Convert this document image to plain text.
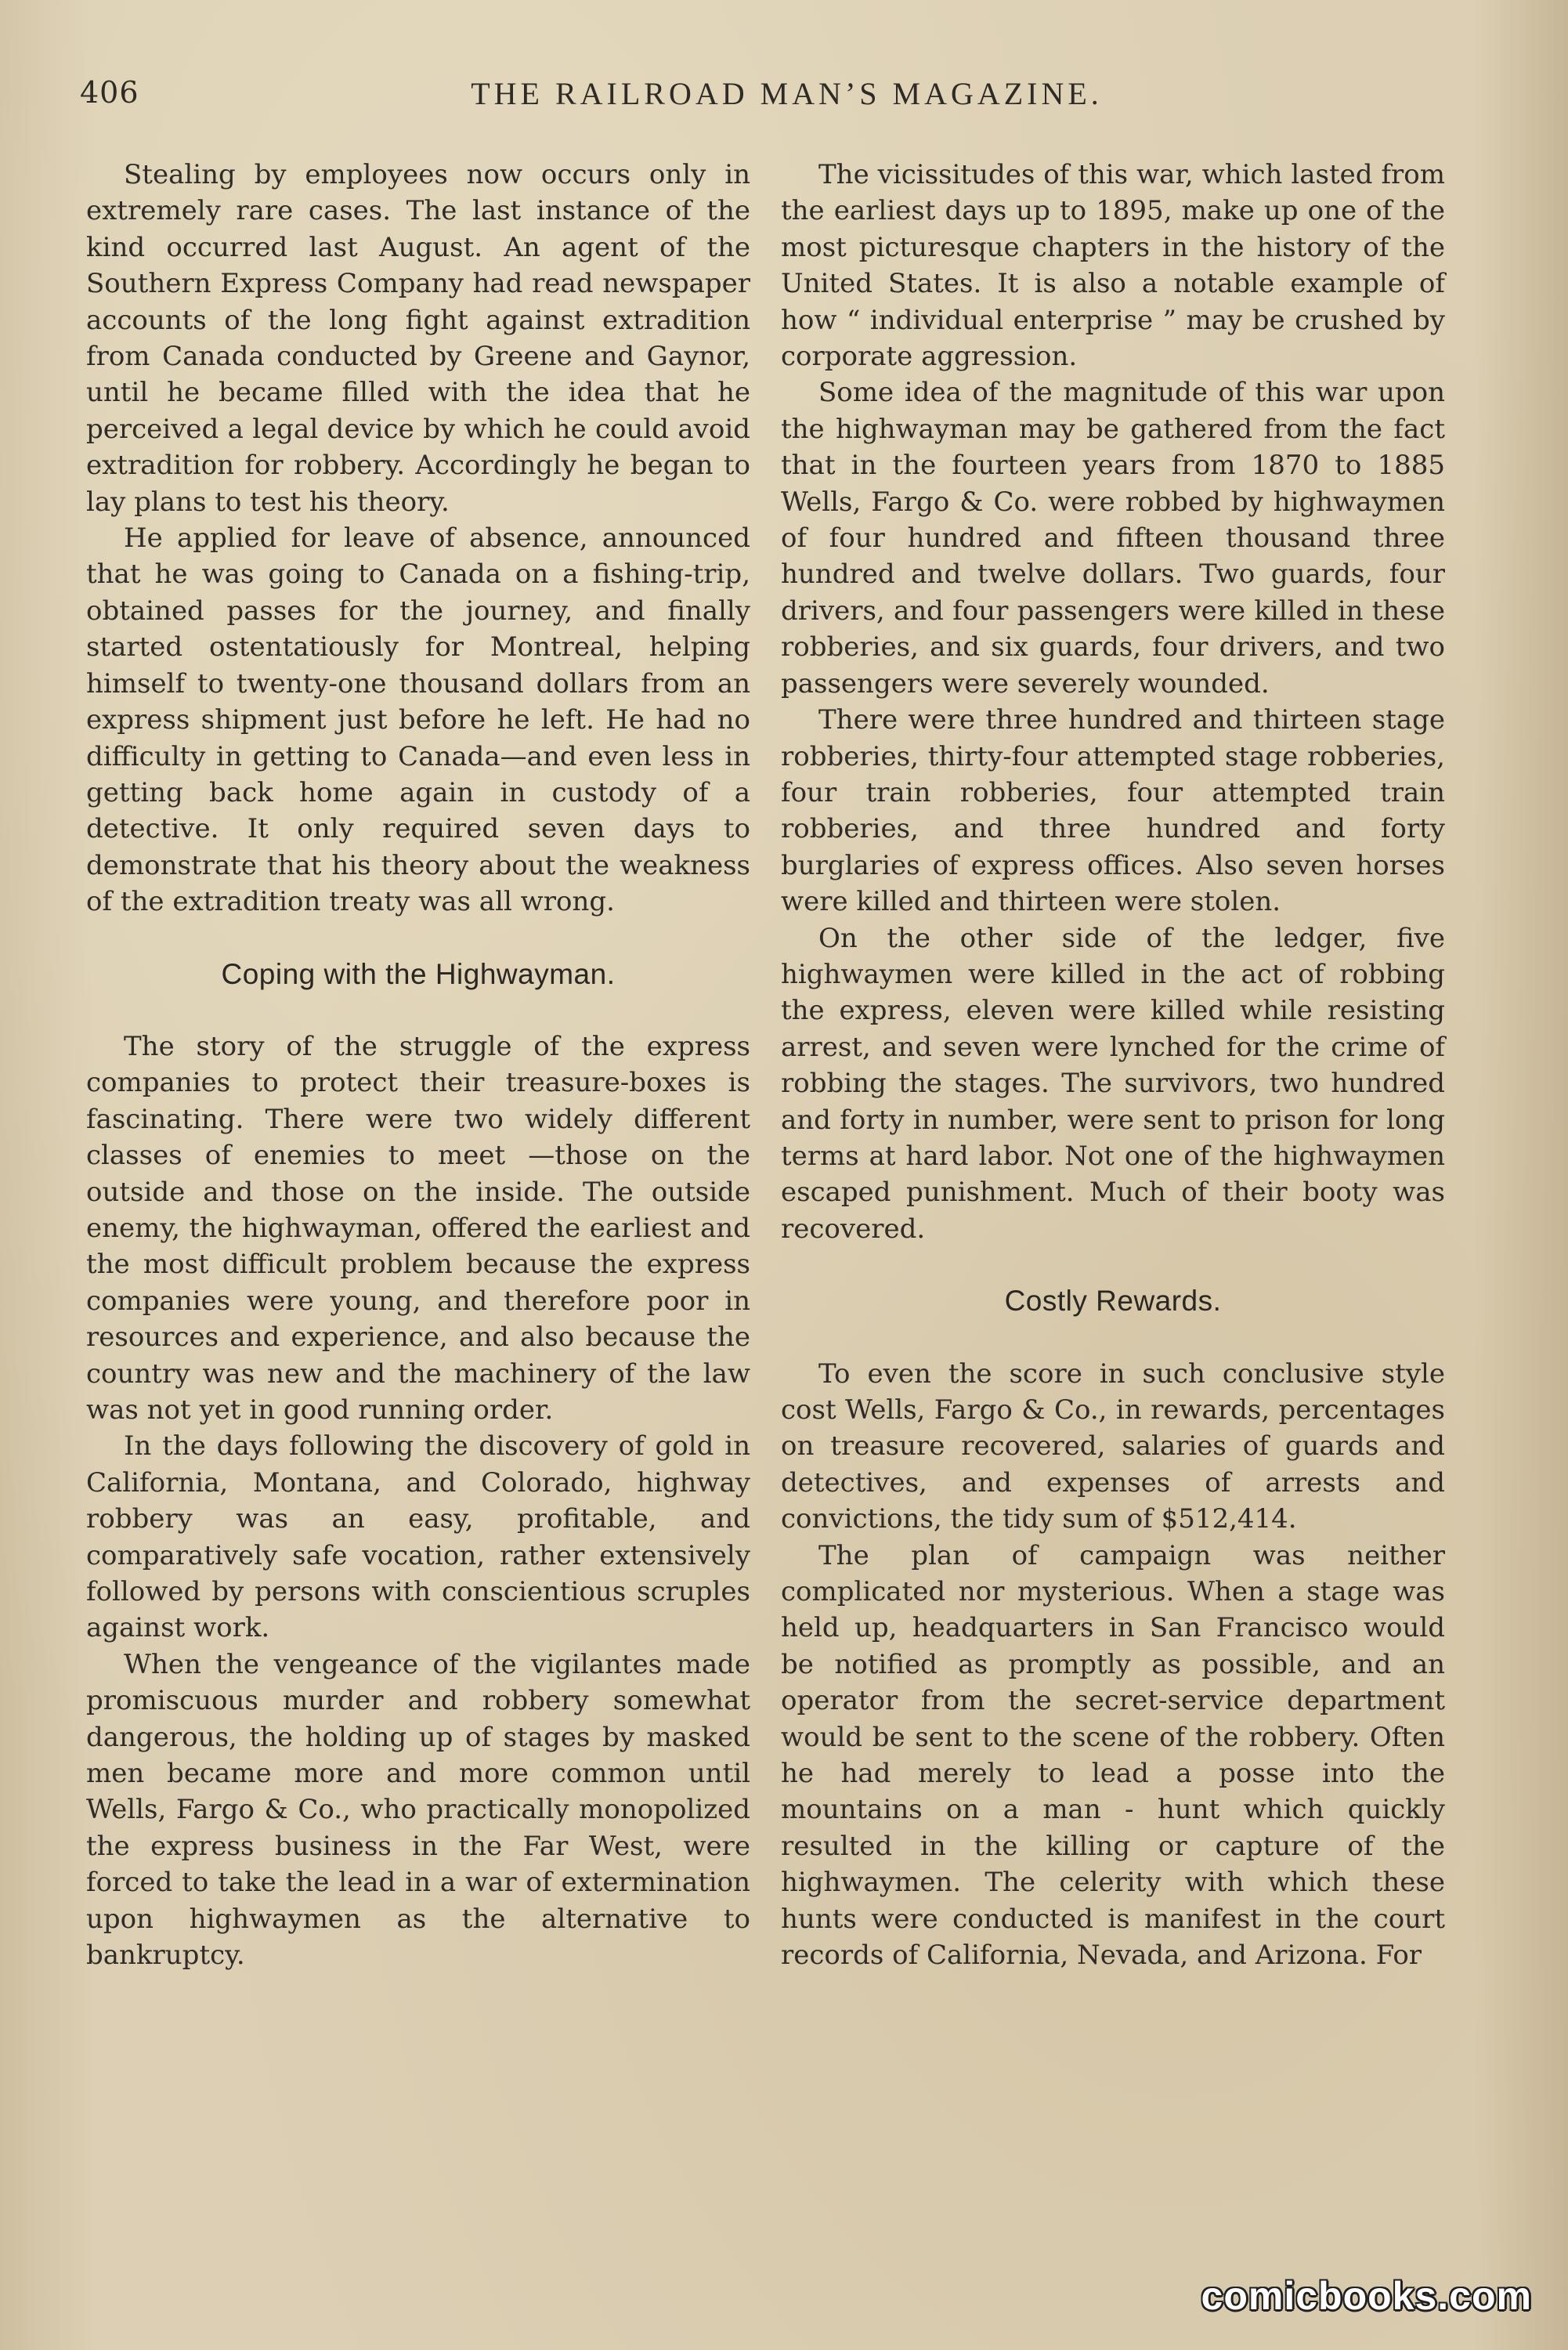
406	THE RAILROAD MAN’S MAGAZINE.

Stealing by employees now occurs only in extremely rare cases. The last instance of the kind occurred last August. An agent of the Southern Express Company had read newspaper accounts of the long fight against extradition from Canada conducted by Greene and Gaynor, until he became filled with the idea that he perceived a legal device by which he could avoid extradition for robbery. Accordingly he began to lay plans to test his theory.

He applied for leave of absence, announced that he was going to Canada on a fishing-trip, obtained passes for the journey, and finally started ostentatiously for Montreal, helping himself to twenty-one thousand dollars from an express shipment just before he left. He had no difficulty in getting to Canada—and even less in getting back home again in custody of a detective. It only required seven days to demonstrate that his theory about the weakness of the extradition treaty was all wrong.

Coping with the Highwayman.

The story of the struggle of the express companies to protect their treasure-boxes is fascinating. There were two widely different classes of enemies to meet —those on the outside and those on the inside. The outside enemy, the highwayman, offered the earliest and the most difficult problem because the express companies were young, and therefore poor in resources and experience, and also because the country was new and the machinery of the law was not yet in good running order.

In the days following the discovery of gold in California, Montana, and Colorado, highway robbery was an easy, profitable, and comparatively safe vocation, rather extensively followed by persons with conscientious scruples against work.

When the vengeance of the vigilantes made promiscuous murder and robbery somewhat dangerous, the holding up of stages by masked men became more and more common until Wells, Fargo & Co., who practically monopolized the express business in the Far West, were forced to take the lead in a war of extermination upon highwaymen as the alternative to bankruptcy.

The vicissitudes of this war, which lasted from the earliest days up to 1895, make up one of the most picturesque chapters in the history of the United States. It is also a notable example of how “ individual enterprise ” may be crushed by corporate aggression.

Some idea of the magnitude of this war upon the highwayman may be gathered from the fact that in the fourteen years from 1870 to 1885 Wells, Fargo & Co. were robbed by highwaymen of four hundred and fifteen thousand three hundred and twelve dollars. Two guards, four drivers, and four passengers were killed in these robberies, and six guards, four drivers, and two passengers were severely wounded.

There were three hundred and thirteen stage robberies, thirty-four attempted stage robberies, four train robberies, four attempted train robberies, and three hundred and forty burglaries of express offices. Also seven horses were killed and thirteen were stolen.

On the other side of the ledger, five highwaymen were killed in the act of robbing the express, eleven were killed while resisting arrest, and seven were lynched for the crime of robbing the stages. The survivors, two hundred and forty in number, were sent to prison for long terms at hard labor. Not one of the highwaymen escaped punishment. Much of their booty was recovered.

Costly Rewards.

To even the score in such conclusive style cost Wells, Fargo & Co., in rewards, percentages on treasure recovered, salaries of guards and detectives, and expenses of arrests and convictions, the tidy sum of $512,414.

The plan of campaign was neither complicated nor mysterious. When a stage was held up, headquarters in San Francisco would be notified as promptly as possible, and an operator from the secret-service department would be sent to the scene of the robbery. Often he had merely to lead a posse into the mountains on a man - hunt which quickly resulted in the killing or capture of the highwaymen. The celerity with which these hunts were conducted is manifest in the court records of California, Nevada, and Arizona. For

comicbooks.com
